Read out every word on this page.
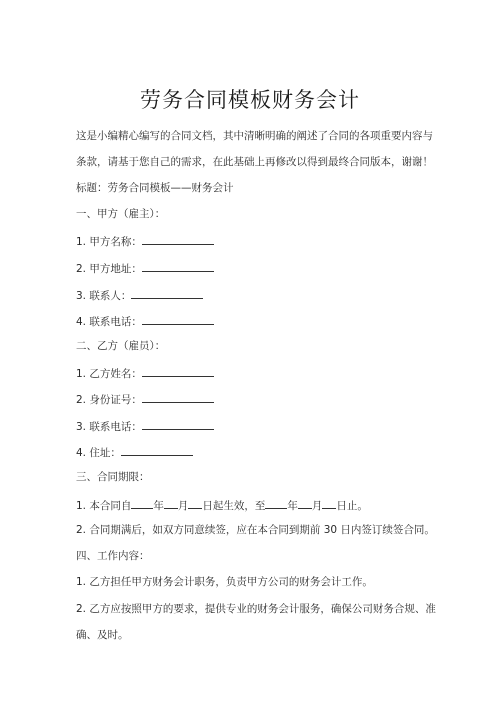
劳务合同模板财务会计
这是小编精心编写的合同文档，其中清晰明确的阐述了合同的各项重要内容与
条款，请基于您自己的需求，在此基础上再修改以得到最终合同版本，谢谢！
标题：劳务合同模板——财务会计
一、甲方（雇主）：
1. 甲方名称：
2. 甲方地址：
3. 联系人：
4. 联系电话：
二、乙方（雇员）：
1. 乙方姓名：
2. 身份证号：
3. 联系电话：
4. 住址：
三、合同期限：
1. 本合同自 年 月 日起生效，至 年 月 日止。
2. 合同期满后，如双方同意续签，应在本合同到期前 30 日内签订续签合同。
四、工作内容：
1. 乙方担任甲方财务会计职务，负责甲方公司的财务会计工作。
2. 乙方应按照甲方的要求，提供专业的财务会计服务，确保公司财务合规、准
确、及时。
